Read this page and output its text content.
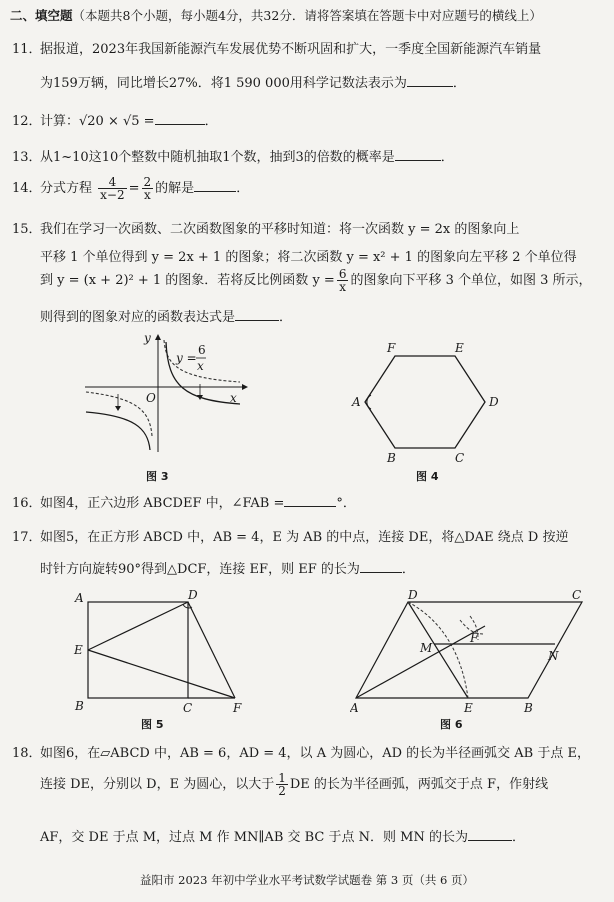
二、填空题（本题共8个小题，每小题4分，共32分．请将答案填在答题卡中对应题号的横线上）
11．据报道，2023年我国新能源汽车发展优势不断巩固和扩大，一季度全国新能源汽车销量
为159万辆，同比增长27%．将1 590 000用科学记数法表示为	．
12．计算：√20 × √5 =	．
13．从1~10这10个整数中随机抽取1个数，抽到3的倍数的概率是	．
14．分式方程 $\frac{4}{x-2} = \frac{2}{x}$ 的解是	．
15．我们在学习一次函数、二次函数图象的平移时知道：将一次函数 y = 2x 的图象向上
平移 1 个单位得到 y = 2x + 1 的图象；将二次函数 y = x² + 1 的图象向左平移 2 个单位得
到 y = (x + 2)² + 1 的图象．若将反比例函数 $y = \frac{6}{x}$ 的图象向下平移 3 个单位，如图 3 所示，
则得到的图象对应的函数表达式是	．
y
x
O
y =
6
x
图 3
F	E
A	D
B	C
图 4
16．如图4，正六边形 ABCDEF 中，∠FAB =	°．
17．如图5，在正方形 ABCD 中，AB = 4，E 为 AB 的中点，连接 DE，将△DAE 绕点 D 按逆
时针方向旋转90°得到△DCF，连接 EF，则 EF 的长为	．
A	D
E
B	C	F
图 5
D	C
F
M
N
A	E	B
图 6
18．如图6，在▱ABCD 中，AB = 6，AD = 4，以 A 为圆心，AD 的长为半径画弧交 AB 于点 E，
连接 DE，分别以 D，E 为圆心，以大于 $\frac{1}{2}$ DE 的长为半径画弧，两弧交于点 F，作射线
AF，交 DE 于点 M，过点 M 作 MN∥AB 交 BC 于点 N．则 MN 的长为	．
益阳市 2023 年初中学业水平考试数学试题卷 第 3 页（共 6 页）
